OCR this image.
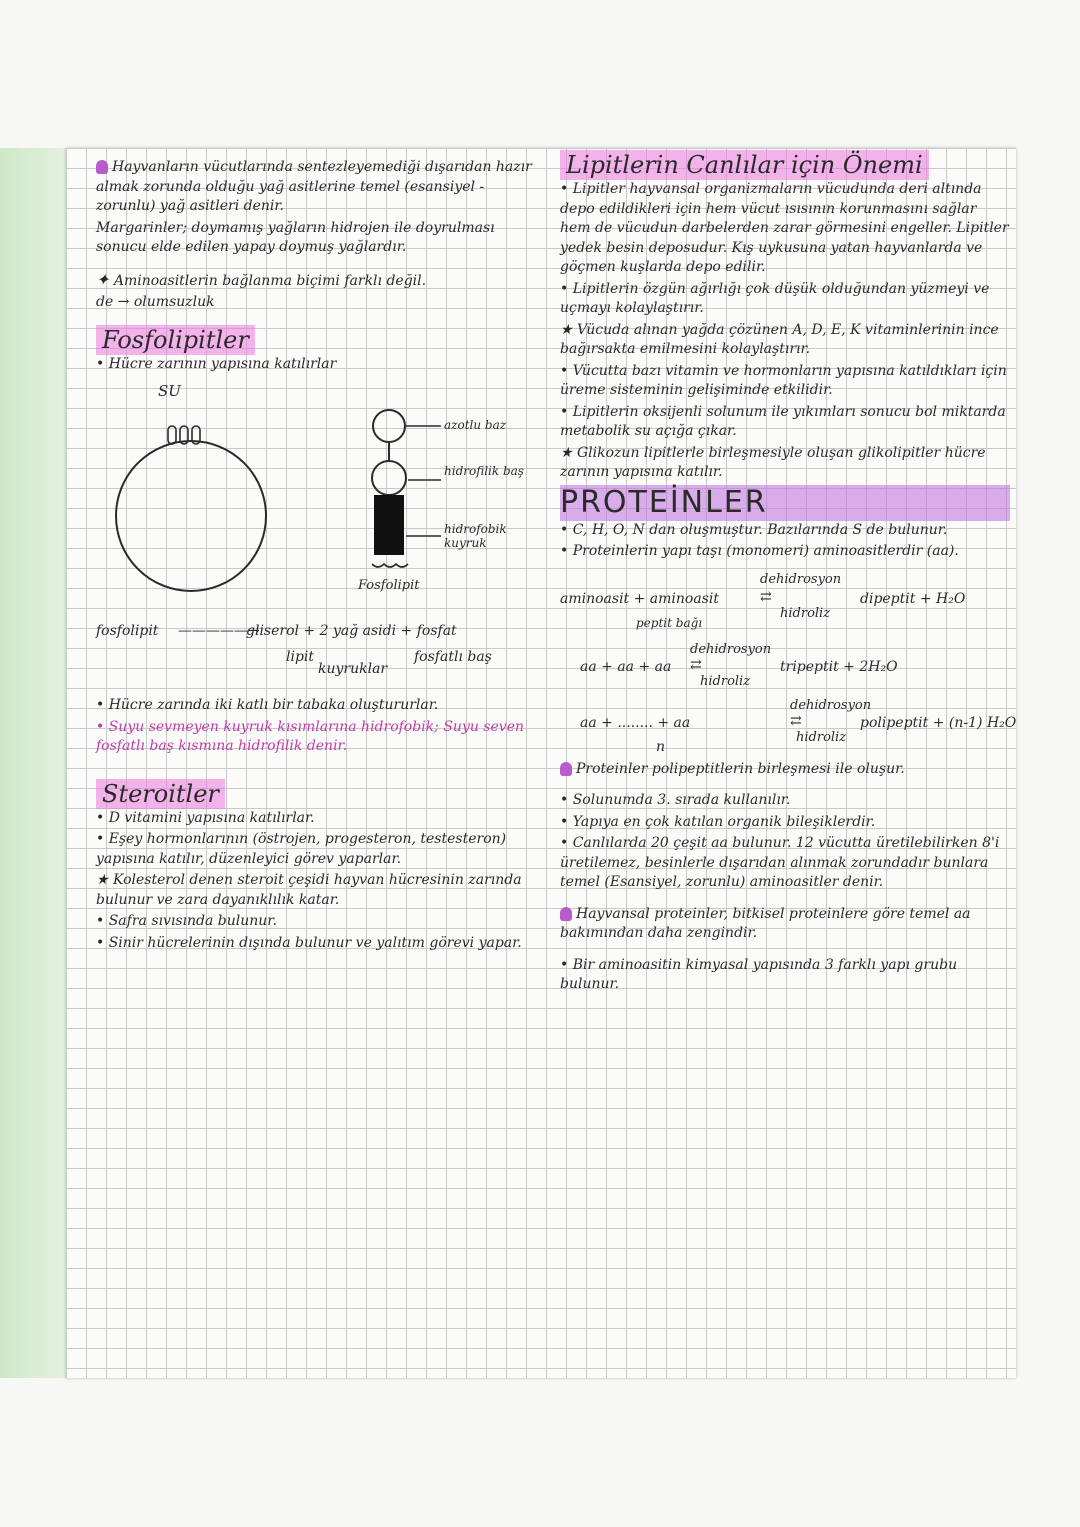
Hayvanların vücutlarında sentezleyemediği dışarıdan hazır almak zorunda olduğu yağ asitlerine temel (esansiyel - zorunlu) yağ asitleri denir.

Margarinler; doymamış yağların hidrojen ile doyrulması sonucu elde edilen yapay doymuş yağlardır.

✦ Aminoasitlerin bağlanma biçimi farklı değil.

de → olumsuzluk

Fosfolipitler

• Hücre zarının yapısına katılırlar

SU
azotlu baz
hidrofilik baş
hidrofobik kuyruk
Fosfolipit
fosfolipit —————→
gliserol + 2 yağ asidi + fosfat
lipit
kuyruklar
fosfatlı baş

• Hücre zarında iki katlı bir tabaka oluştururlar.

• Suyu sevmeyen kuyruk kısımlarına hidrofobik; Suyu seven fosfatlı baş kısmına hidrofilik denir.

Steroitler

• D vitamini yapısına katılırlar.

• Eşey hormonlarının (östrojen, progesteron, testesteron) yapısına katılır, düzenleyici görev yaparlar.

★ Kolesterol denen steroit çeşidi hayvan hücresinin zarında bulunur ve zara dayanıklılık katar.

• Safra sıvısında bulunur.

• Sinir hücrelerinin dışında bulunur ve yalıtım görevi yapar.

Lipitlerin Canlılar için Önemi

• Lipitler hayvansal organizmaların vücudunda deri altında depo edildikleri için hem vücut ısısının korunmasını sağlar hem de vücudun darbelerden zarar görmesini engeller. Lipitler yedek besin deposudur. Kış uykusuna yatan hayvanlarda ve göçmen kuşlarda depo edilir.

• Lipitlerin özgün ağırlığı çok düşük olduğundan yüzmeyi ve uçmayı kolaylaştırır.

★ Vücuda alınan yağda çözünen A, D, E, K vitaminlerinin ince bağırsakta emilmesini kolaylaştırır.

• Vücutta bazı vitamin ve hormonların yapısına katıldıkları için üreme sisteminin gelişiminde etkilidir.

• Lipitlerin oksijenli solunum ile yıkımları sonucu bol miktarda metabolik su açığa çıkar.

★ Glikozun lipitlerle birleşmesiyle oluşan glikolipitler hücre zarının yapısına katılır.

PROTEİNLER

• C, H, O, N dan oluşmuştur. Bazılarında S de bulunur.

• Proteinlerin yapı taşı (monomeri) aminoasitlerdir (aa).

aminoasit + aminoasit
dehidrosyon
⇄
hidroliz
dipeptit + H₂O
peptit bağı
aa + aa + aa
dehidrosyon
⇄
hidroliz
tripeptit + 2H₂O
aa + ........ + aa
dehidrosyon
⇄
hidroliz
polipeptit + (n-1) H₂O
n

Proteinler polipeptitlerin birleşmesi ile oluşur.

• Solunumda 3. sırada kullanılır.

• Yapıya en çok katılan organik bileşiklerdir.

• Canlılarda 20 çeşit aa bulunur. 12 vücutta üretilebilirken 8'i üretilemez, besinlerle dışarıdan alınmak zorundadır bunlara temel (Esansiyel, zorunlu) aminoasitler denir.

Hayvansal proteinler, bitkisel proteinlere göre temel aa bakımından daha zengindir.

• Bir aminoasitin kimyasal yapısında 3 farklı yapı grubu bulunur.
